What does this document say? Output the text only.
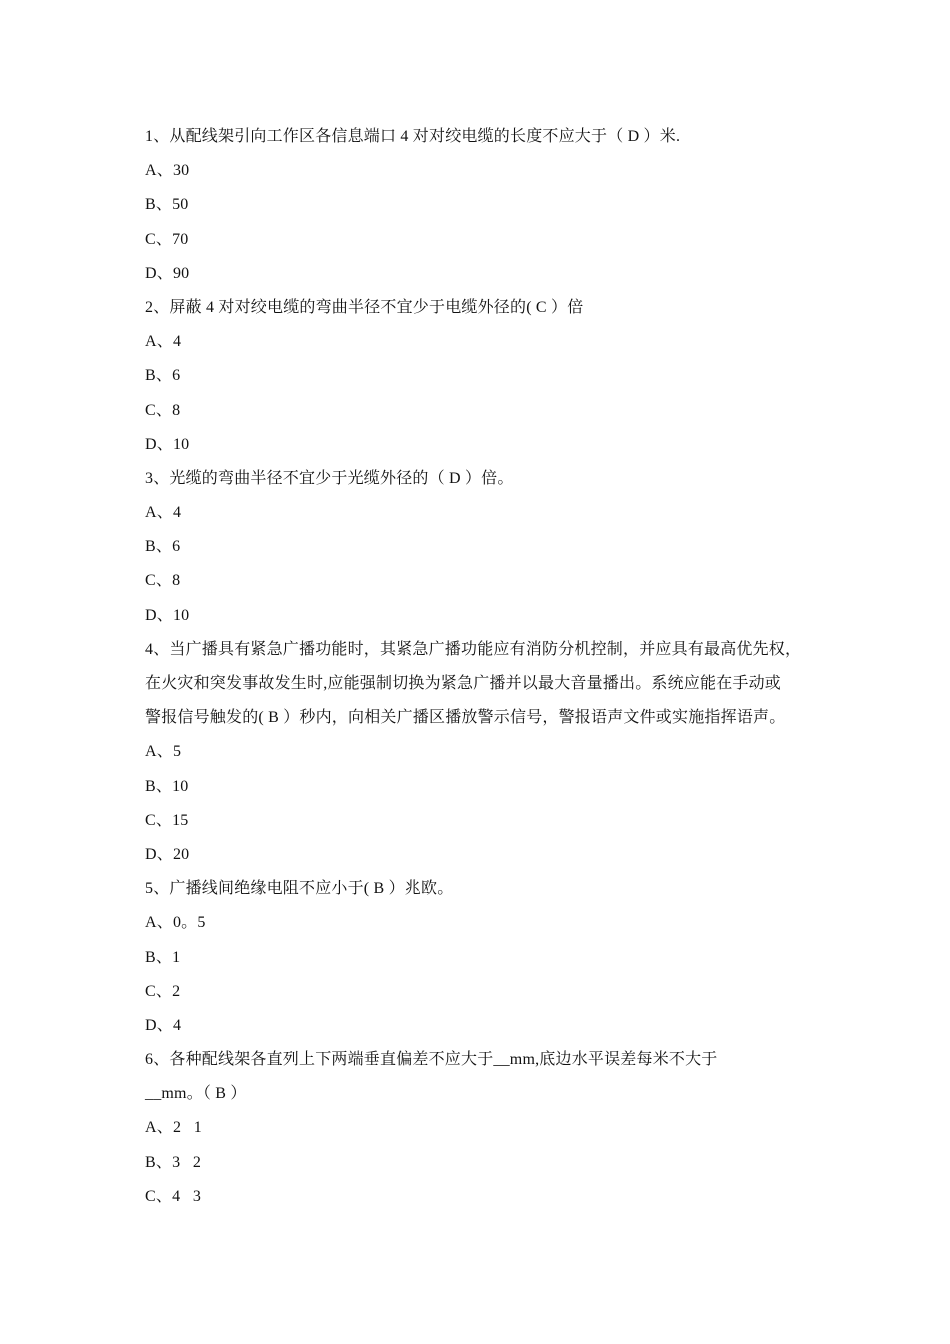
1、从配线架引向工作区各信息端口 4 对对绞电缆的长度不应大于（ D ）米.
A、30
B、50
C、70
D、90
2、屏蔽 4 对对绞电缆的弯曲半径不宜少于电缆外径的( C ）倍
A、4
B、6
C、8
D、10
3、光缆的弯曲半径不宜少于光缆外径的（ D ）倍。
A、4
B、6
C、8
D、10
4、当广播具有紧急广播功能时，其紧急广播功能应有消防分机控制，并应具有最高优先权，
在火灾和突发事故发生时,应能强制切换为紧急广播并以最大音量播出。系统应能在手动或
警报信号触发的( B ）秒内，向相关广播区播放警示信号，警报语声文件或实施指挥语声。
A、5
B、10
C、15
D、20
5、广播线间绝缘电阻不应小于( B ）兆欧。
A、0。5
B、1
C、2
D、4
6、各种配线架各直列上下两端垂直偏差不应大于__mm,底边水平误差每米不大于
__mm。（ B ）
A、2   1
B、3   2
C、4   3
